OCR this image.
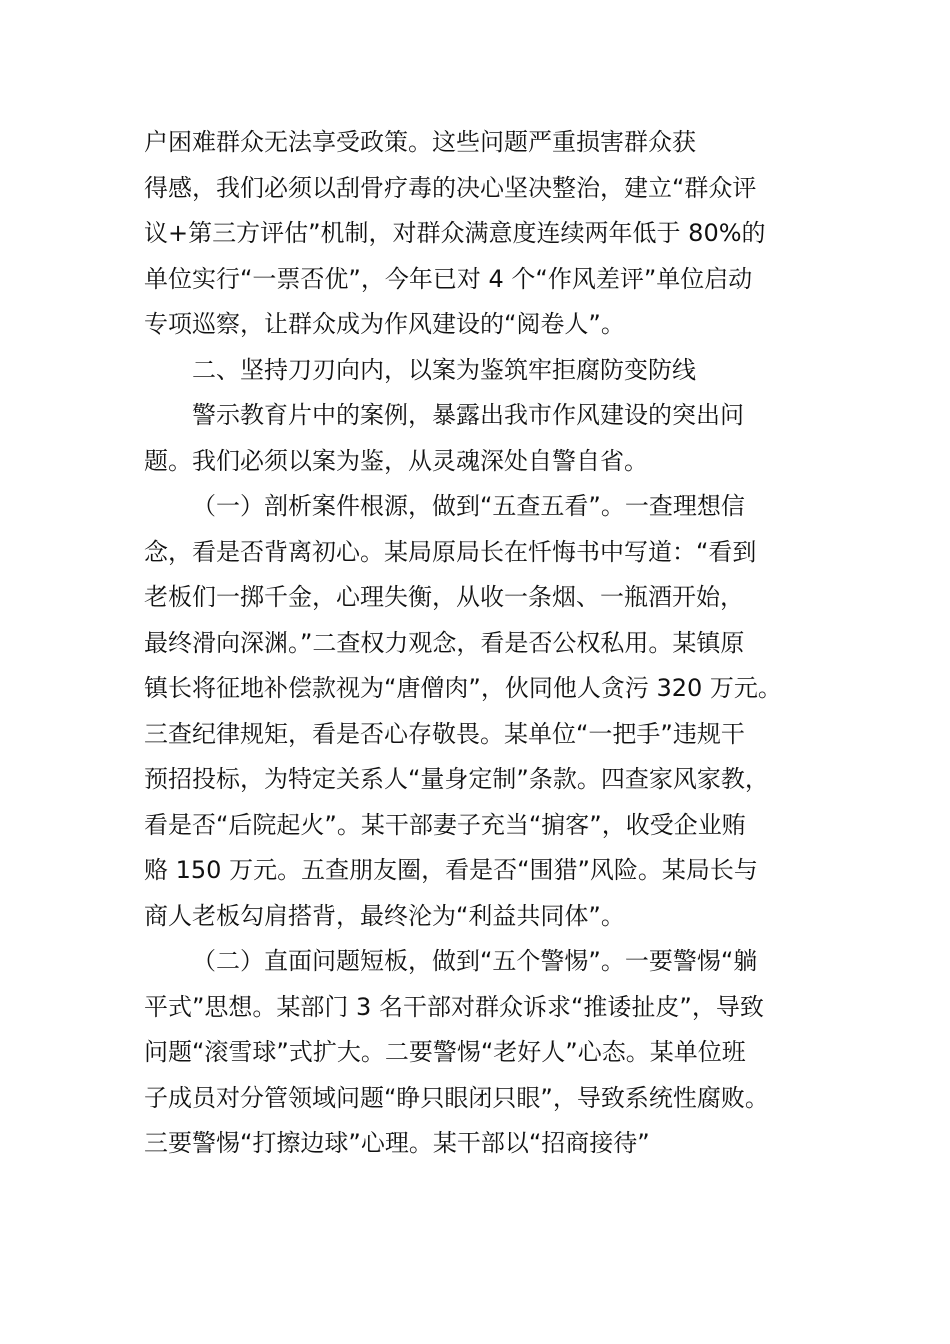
户困难群众无法享受政策。这些问题严重损害群众获
得感，我们必须以刮骨疗毒的决心坚决整治，建立“群众评
议+第三方评估”机制，对群众满意度连续两年低于 80%的
单位实行“一票否优”，今年已对 4 个“作风差评”单位启动
专项巡察，让群众成为作风建设的“阅卷人”。
二、坚持刀刃向内，以案为鉴筑牢拒腐防变防线
警示教育片中的案例，暴露出我市作风建设的突出问
题。我们必须以案为鉴，从灵魂深处自警自省。
（一）剖析案件根源，做到“五查五看”。一查理想信
念，看是否背离初心。某局原局长在忏悔书中写道：“看到
老板们一掷千金，心理失衡，从收一条烟、一瓶酒开始，
最终滑向深渊。”二查权力观念，看是否公权私用。某镇原
镇长将征地补偿款视为“唐僧肉”，伙同他人贪污 320 万元。
三查纪律规矩，看是否心存敬畏。某单位“一把手”违规干
预招投标，为特定关系人“量身定制”条款。四查家风家教，
看是否“后院起火”。某干部妻子充当“掮客”，收受企业贿
赂 150 万元。五查朋友圈，看是否“围猎”风险。某局长与
商人老板勾肩搭背，最终沦为“利益共同体”。
（二）直面问题短板，做到“五个警惕”。一要警惕“躺
平式”思想。某部门 3 名干部对群众诉求“推诿扯皮”，导致
问题“滚雪球”式扩大。二要警惕“老好人”心态。某单位班
子成员对分管领域问题“睁只眼闭只眼”，导致系统性腐败。
三要警惕“打擦边球”心理。某干部以“招商接待”
